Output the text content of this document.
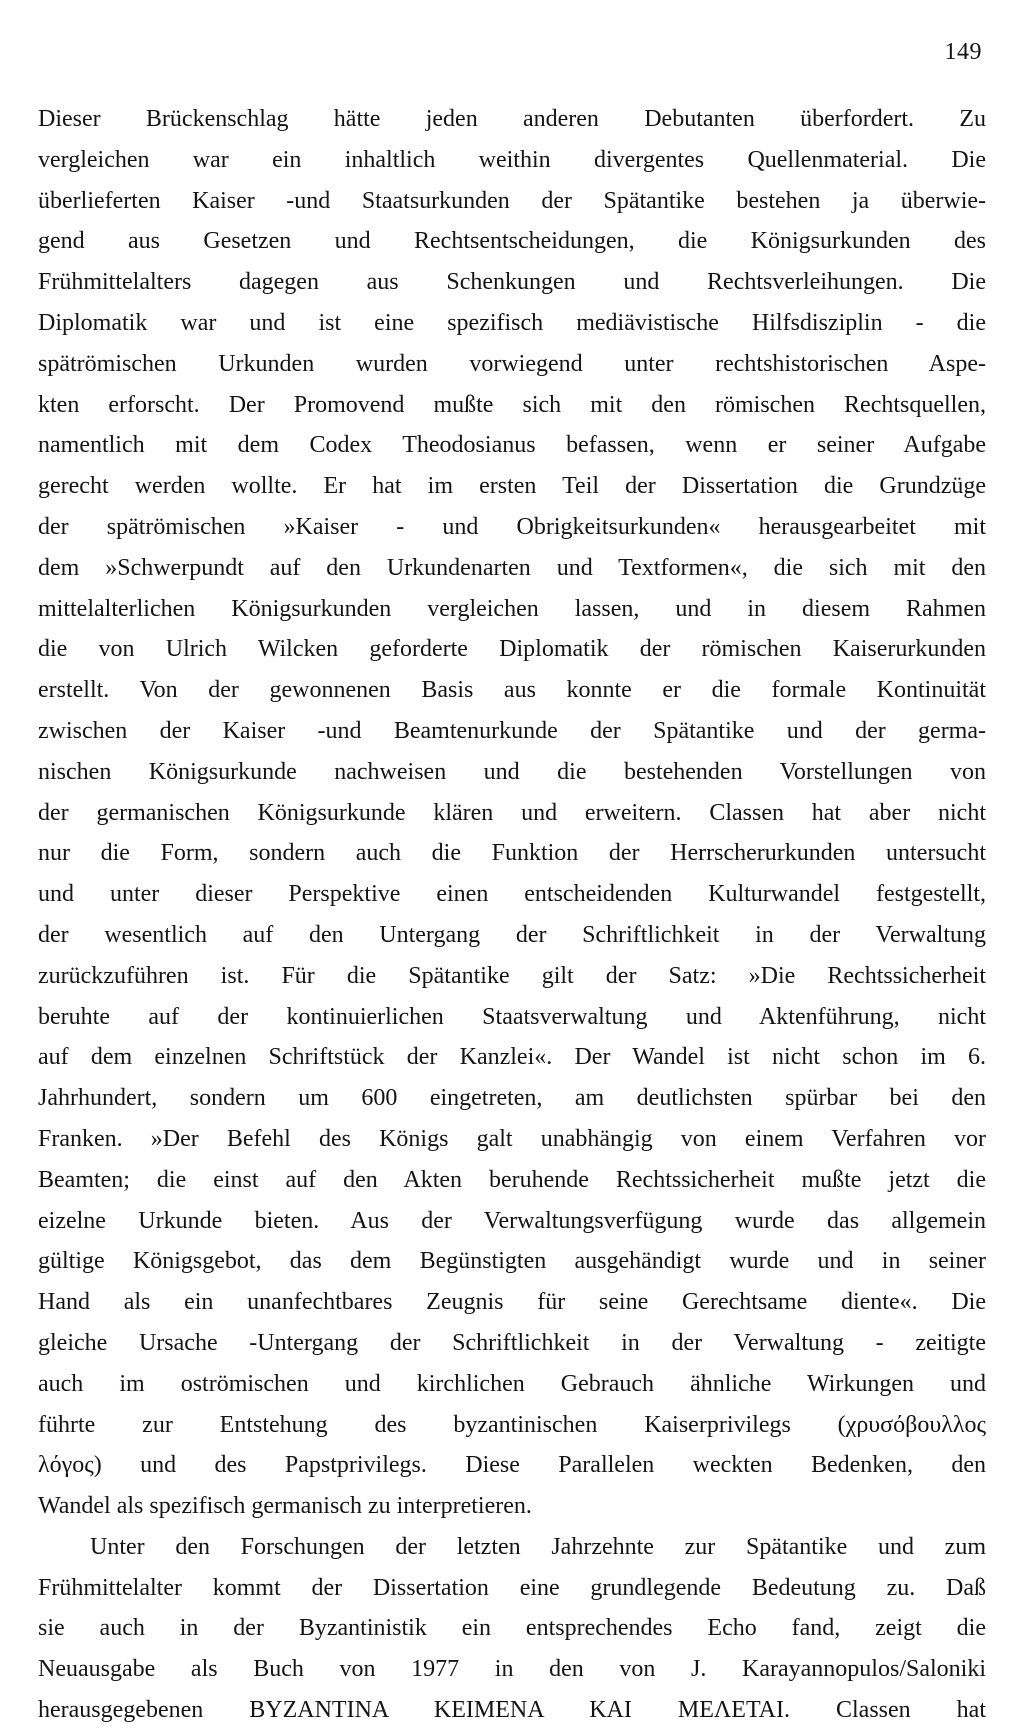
149
Dieser Brückenschlag hätte jeden anderen Debutanten überfordert. Zu
vergleichen war ein inhaltlich weithin divergentes Quellenmaterial. Die
überlieferten Kaiser -und Staatsurkunden der Spätantike bestehen ja überwie-
gend aus Gesetzen und Rechtsentscheidungen, die Königsurkunden des
Frühmittelalters dagegen aus Schenkungen und Rechtsverleihungen. Die
Diplomatik war und ist eine spezifisch mediävistische Hilfsdisziplin - die
spätrömischen Urkunden wurden vorwiegend unter rechtshistorischen Aspe-
kten erforscht. Der Promovend mußte sich mit den römischen Rechtsquellen,
namentlich mit dem Codex Theodosianus befassen, wenn er seiner Aufgabe
gerecht werden wollte. Er hat im ersten Teil der Dissertation die Grundzüge
der spätrömischen »Kaiser - und Obrigkeitsurkunden« herausgearbeitet mit
dem »Schwerpundt auf den Urkundenarten und Textformen«, die sich mit den
mittelalterlichen Königsurkunden vergleichen lassen, und in diesem Rahmen
die von Ulrich Wilcken geforderte Diplomatik der römischen Kaiserurkunden
erstellt. Von der gewonnenen Basis aus konnte er die formale Kontinuität
zwischen der Kaiser -und Beamtenurkunde der Spätantike und der germa-
nischen Königsurkunde nachweisen und die bestehenden Vorstellungen von
der germanischen Königsurkunde klären und erweitern. Classen hat aber nicht
nur die Form, sondern auch die Funktion der Herrscherurkunden untersucht
und unter dieser Perspektive einen entscheidenden Kulturwandel festgestellt,
der wesentlich auf den Untergang der Schriftlichkeit in der Verwaltung
zurückzuführen ist. Für die Spätantike gilt der Satz: »Die Rechtssicherheit
beruhte auf der kontinuierlichen Staatsverwaltung und Aktenführung, nicht
auf dem einzelnen Schriftstück der Kanzlei«. Der Wandel ist nicht schon im 6.
Jahrhundert, sondern um 600 eingetreten, am deutlichsten spürbar bei den
Franken. »Der Befehl des Königs galt unabhängig von einem Verfahren vor
Beamten; die einst auf den Akten beruhende Rechtssicherheit mußte jetzt die
eizelne Urkunde bieten. Aus der Verwaltungsverfügung wurde das allgemein
gültige Königsgebot, das dem Begünstigten ausgehändigt wurde und in seiner
Hand als ein unanfechtbares Zeugnis für seine Gerechtsame diente«. Die
gleiche Ursache -Untergang der Schriftlichkeit in der Verwaltung - zeitigte
auch im oströmischen und kirchlichen Gebrauch ähnliche Wirkungen und
führte zur Entstehung des byzantinischen Kaiserprivilegs (χρυσόβουλλος
λόγος) und des Papstprivilegs. Diese Parallelen weckten Bedenken, den
Wandel als spezifisch germanisch zu interpretieren.
Unter den Forschungen der letzten Jahrzehnte zur Spätantike und zum
Frühmittelalter kommt der Dissertation eine grundlegende Bedeutung zu. Daß
sie auch in der Byzantinistik ein entsprechendes Echo fand, zeigt die
Neuausgabe als Buch von 1977 in den von J. Karayannopulos/Saloniki
herausgegebenen BYZANTINA KEIMENA KAI ΜΕΛΕΤΑΙ. Classen hat
